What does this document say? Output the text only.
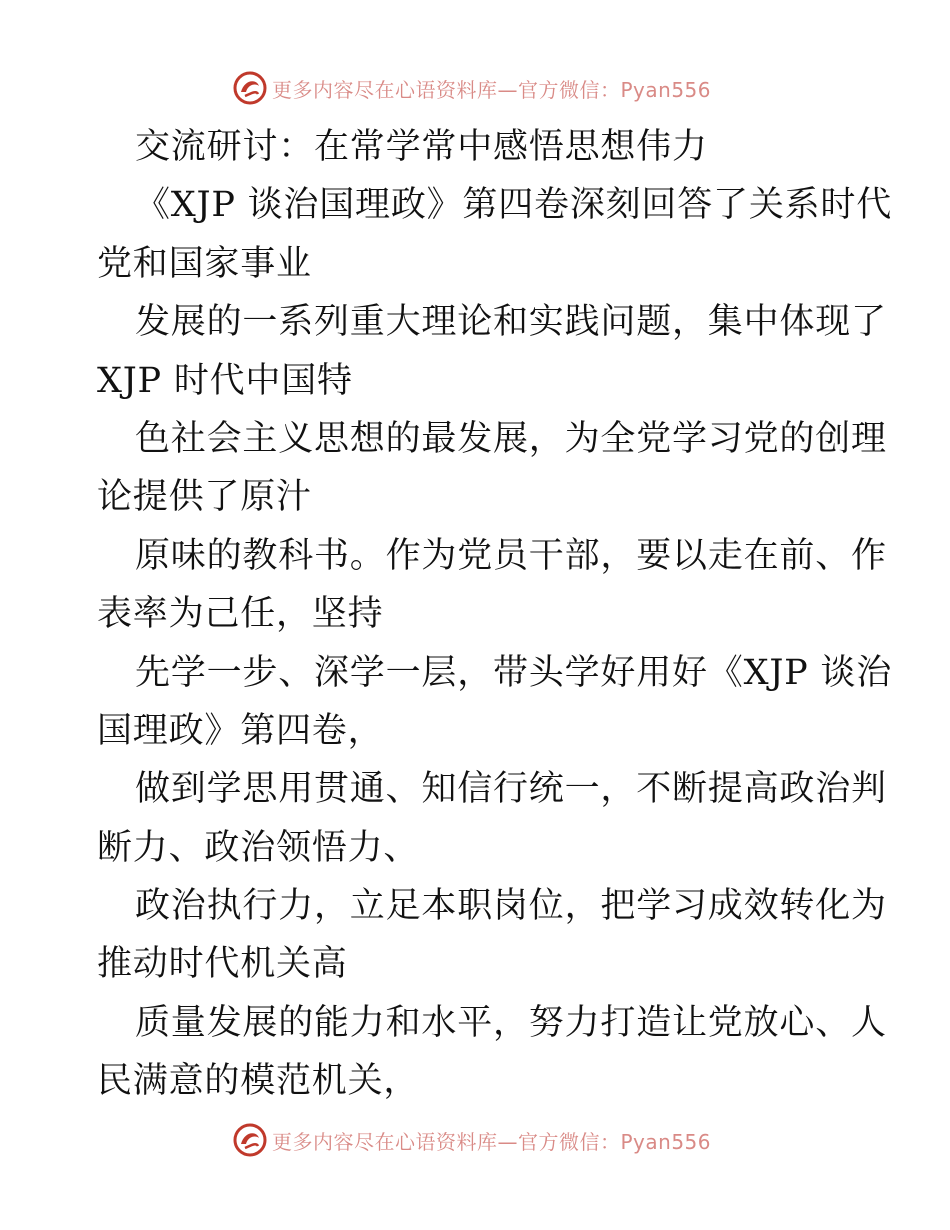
更多内容尽在心语资料库—官方微信：Pyan556
交流研讨：在常学常中感悟思想伟力
《XJP 谈治国理政》第四卷深刻回答了关系时代
党和国家事业
发展的一系列重大理论和实践问题，集中体现了
XJP 时代中国特
色社会主义思想的最发展，为全党学习党的创理
论提供了原汁
原味的教科书。作为党员干部，要以走在前、作
表率为己任，坚持
先学一步、深学一层，带头学好用好《XJP 谈治
国理政》第四卷，
做到学思用贯通、知信行统一，不断提高政治判
断力、政治领悟力、
政治执行力，立足本职岗位，把学习成效转化为
推动时代机关高
质量发展的能力和水平，努力打造让党放心、人
民满意的模范机关，
更多内容尽在心语资料库—官方微信：Pyan556
